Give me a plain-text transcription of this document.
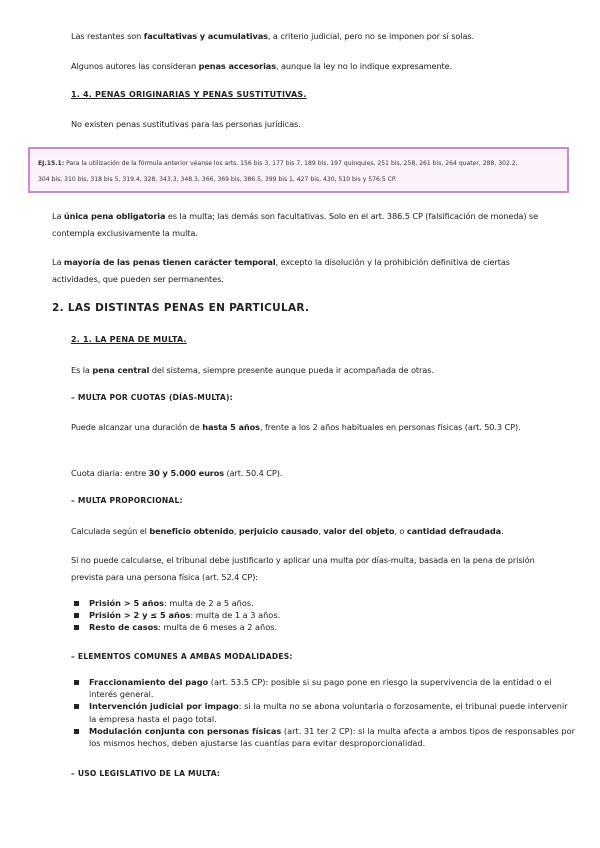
Las restantes son facultativas y acumulativas, a criterio judicial, pero no se imponen por sí solas.
Algunos autores las consideran penas accesorias, aunque la ley no lo indique expresamente.
1. 4. PENAS ORIGINARIAS Y PENAS SUSTITUTIVAS.
No existen penas sustitutivas para las personas jurídicas.
EJ.15.1: Para la utilización de la fórmula anterior véanse los arts. 156 bis 3, 177 bis 7, 189 bis, 197 quinquies, 251 bis, 258, 261 bis, 264 quater, 288, 302.2,
304 bis, 310 bis, 318 bis 5, 319.4, 328, 343.3, 348.3, 366, 369 bis, 386.5, 399 bis 1, 427 bis, 430, 510 bis y 576.5 CP.
La única pena obligatoria es la multa; las demás son facultativas. Solo en el art. 386.5 CP (falsificación de moneda) se contempla exclusivamente la multa.
La mayoría de las penas tienen carácter temporal, excepto la disolución y la prohibición definitiva de ciertas actividades, que pueden ser permanentes.
2. LAS DISTINTAS PENAS EN PARTICULAR.
2. 1. LA PENA DE MULTA.
Es la pena central del sistema, siempre presente aunque pueda ir acompañada de otras.
– MULTA POR CUOTAS (DÍAS-MULTA):
Puede alcanzar una duración de hasta 5 años, frente a los 2 años habituales en personas físicas (art. 50.3 CP).
Cuota diaria: entre 30 y 5.000 euros (art. 50.4 CP).
– MULTA PROPORCIONAL:
Calculada según el beneficio obtenido, perjuicio causado, valor del objeto, o cantidad defraudada.
Si no puede calcularse, el tribunal debe justificarlo y aplicar una multa por días-multa, basada en la pena de prisión prevista para una persona física (art. 52.4 CP):
Prisión > 5 años: multa de 2 a 5 años.
Prisión > 2 y ≤ 5 años: multa de 1 a 3 años.
Resto de casos: multa de 6 meses a 2 años.
– ELEMENTOS COMUNES A AMBAS MODALIDADES:
Fraccionamiento del pago (art. 53.5 CP): posible si su pago pone en riesgo la supervivencia de la entidad o el interés general.
Intervención judicial por impago: si la multa no se abona voluntaria o forzosamente, el tribunal puede intervenir la empresa hasta el pago total.
Modulación conjunta con personas físicas (art. 31 ter 2 CP): si la multa afecta a ambos tipos de responsables por los mismos hechos, deben ajustarse las cuantías para evitar desproporcionalidad.
– USO LEGISLATIVO DE LA MULTA:
